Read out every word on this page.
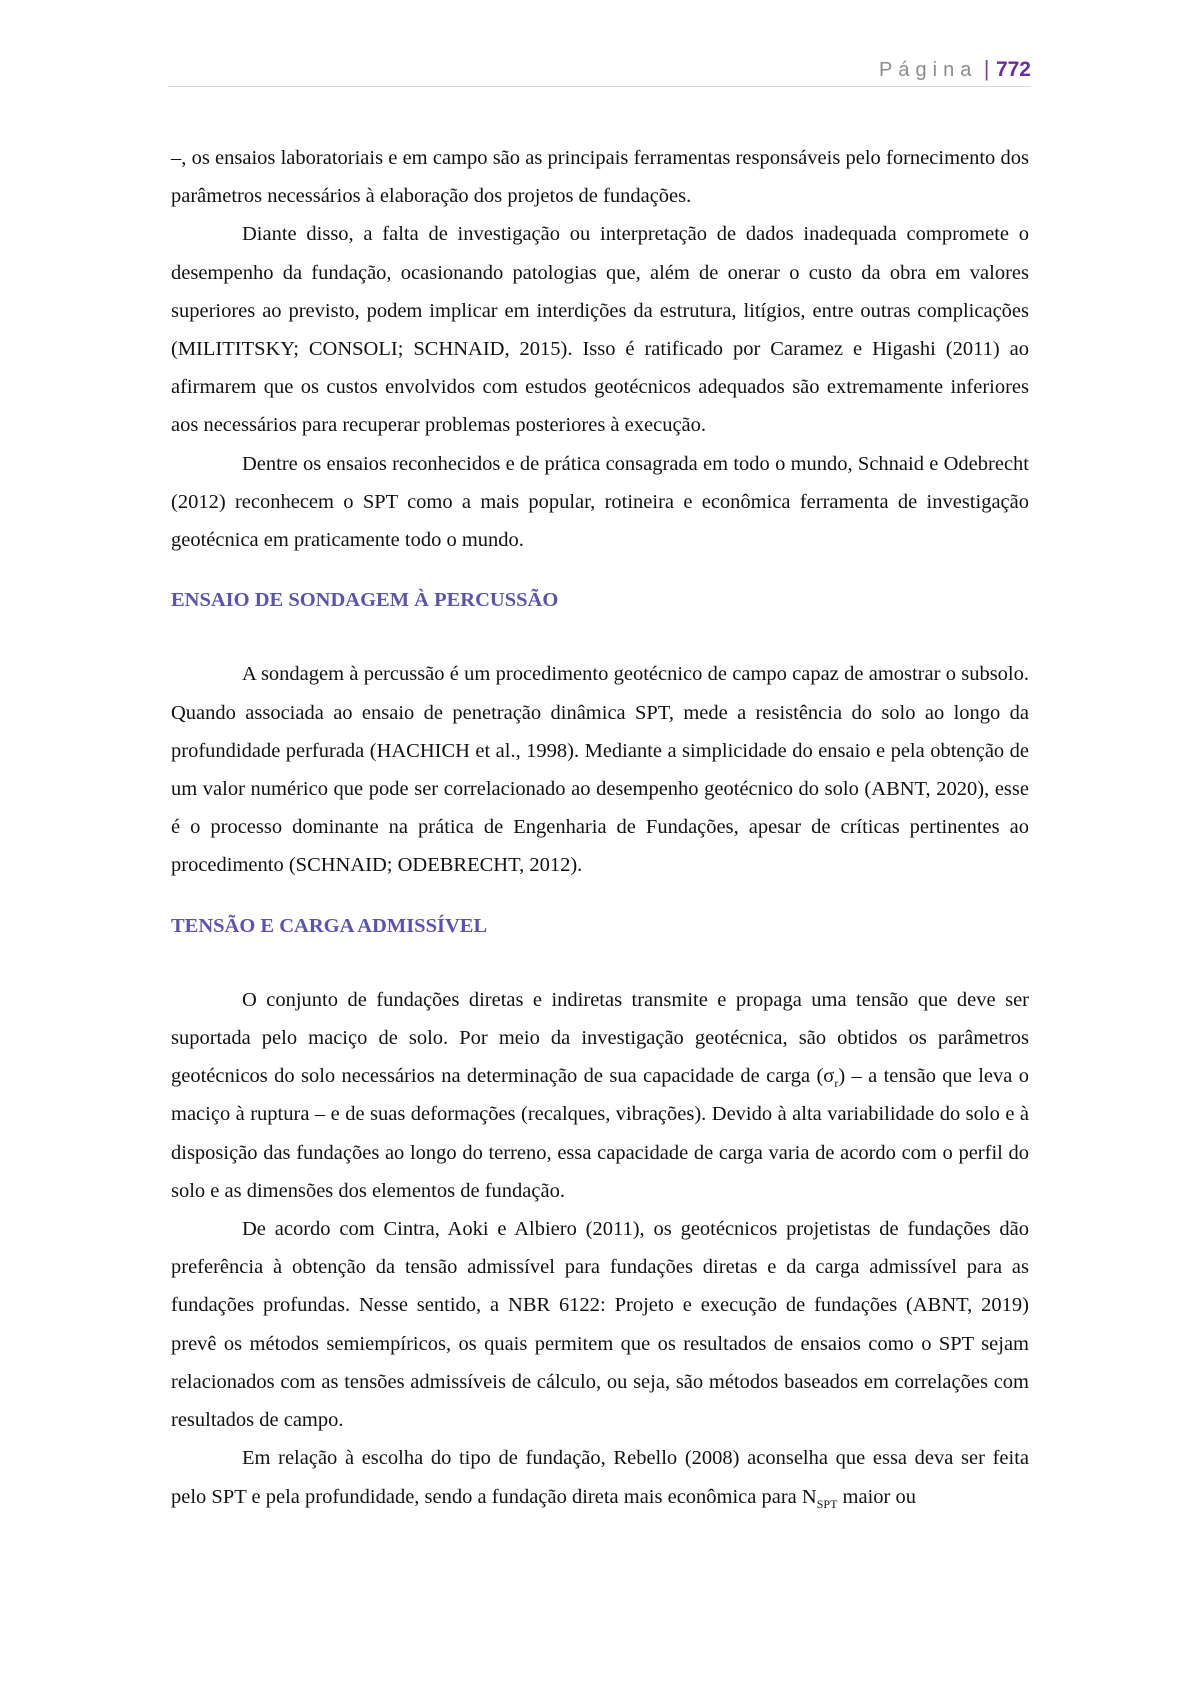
Página | 772

–, os ensaios laboratoriais e em campo são as principais ferramentas responsáveis pelo fornecimento dos parâmetros necessários à elaboração dos projetos de fundações.

Diante disso, a falta de investigação ou interpretação de dados inadequada compromete o desempenho da fundação, ocasionando patologias que, além de onerar o custo da obra em valores superiores ao previsto, podem implicar em interdições da estrutura, litígios, entre outras complicações (MILITITSKY; CONSOLI; SCHNAID, 2015). Isso é ratificado por Caramez e Higashi (2011) ao afirmarem que os custos envolvidos com estudos geotécnicos adequados são extremamente inferiores aos necessários para recuperar problemas posteriores à execução.

Dentre os ensaios reconhecidos e de prática consagrada em todo o mundo, Schnaid e Odebrecht (2012) reconhecem o SPT como a mais popular, rotineira e econômica ferramenta de investigação geotécnica em praticamente todo o mundo.

ENSAIO DE SONDAGEM À PERCUSSÃO

A sondagem à percussão é um procedimento geotécnico de campo capaz de amostrar o subsolo. Quando associada ao ensaio de penetração dinâmica SPT, mede a resistência do solo ao longo da profundidade perfurada (HACHICH et al., 1998). Mediante a simplicidade do ensaio e pela obtenção de um valor numérico que pode ser correlacionado ao desempenho geotécnico do solo (ABNT, 2020), esse é o processo dominante na prática de Engenharia de Fundações, apesar de críticas pertinentes ao procedimento (SCHNAID; ODEBRECHT, 2012).

TENSÃO E CARGA ADMISSÍVEL

O conjunto de fundações diretas e indiretas transmite e propaga uma tensão que deve ser suportada pelo maciço de solo. Por meio da investigação geotécnica, são obtidos os parâmetros geotécnicos do solo necessários na determinação de sua capacidade de carga $(\sigma_r)$ – a tensão que leva o maciço à ruptura – e de suas deformações (recalques, vibrações). Devido à alta variabilidade do solo e à disposição das fundações ao longo do terreno, essa capacidade de carga varia de acordo com o perfil do solo e as dimensões dos elementos de fundação.

De acordo com Cintra, Aoki e Albiero (2011), os geotécnicos projetistas de fundações dão preferência à obtenção da tensão admissível para fundações diretas e da carga admissível para as fundações profundas. Nesse sentido, a NBR 6122: Projeto e execução de fundações (ABNT, 2019) prevê os métodos semiempíricos, os quais permitem que os resultados de ensaios como o SPT sejam relacionados com as tensões admissíveis de cálculo, ou seja, são métodos baseados em correlações com resultados de campo.

Em relação à escolha do tipo de fundação, Rebello (2008) aconselha que essa deva ser feita pelo SPT e pela profundidade, sendo a fundação direta mais econômica para $N_{SPT}$ maior ou
